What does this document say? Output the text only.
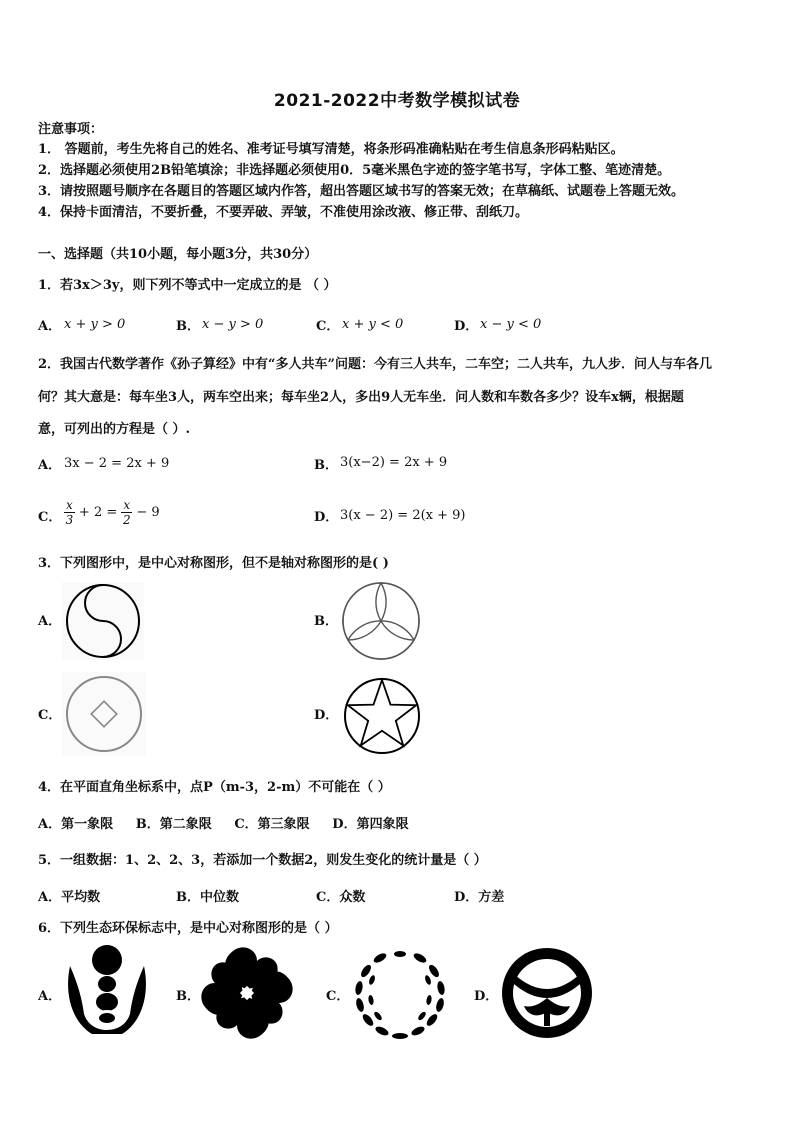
2021-2022中考数学模拟试卷
注意事项：
1． 答题前，考生先将自己的姓名、准考证号填写清楚，将条形码准确粘贴在考生信息条形码粘贴区。
2．选择题必须使用2B铅笔填涂；非选择题必须使用0．5毫米黑色字迹的签字笔书写，字体工整、笔迹清楚。
3．请按照题号顺序在各题目的答题区域内作答，超出答题区域书写的答案无效；在草稿纸、试题卷上答题无效。
4．保持卡面清洁，不要折叠，不要弄破、弄皱，不准使用涂改液、修正带、刮纸刀。
一、选择题（共10小题，每小题3分，共30分）
1．若3x＞3y，则下列不等式中一定成立的是 （ ）
A． x + y > 0	B． x − y > 0	C． x + y < 0	D． x − y < 0
2．我国古代数学著作《孙子算经》中有“多人共车”问题：今有三人共车，二车空；二人共车，九人步．问人与车各几
何？其大意是：每车坐3人，两车空出来；每车坐2人，多出9人无车坐．问人数和车数各多少？设车x辆，根据题
意，可列出的方程是（ ）.
A． 3x − 2 = 2x + 9	B． 3(x−2) = 2x + 9
C． $\frac{x}{3} + 2 = \frac{x}{2} - 9$	D． 3(x − 2) = 2(x + 9)
3．下列图形中，是中心对称图形，但不是轴对称图形的是( )
A．	B．
C．	D．
4．在平面直角坐标系中，点P（m-3，2-m）不可能在（ ）
A．第一象限     B．第二象限     C．第三象限     D．第四象限
5．一组数据：1、2、2、3，若添加一个数据2，则发生变化的统计量是（ ）
A．平均数	B．中位数	C．众数	D．方差
6．下列生态环保标志中，是中心对称图形的是（ ）
A．	B．	C．	D．
